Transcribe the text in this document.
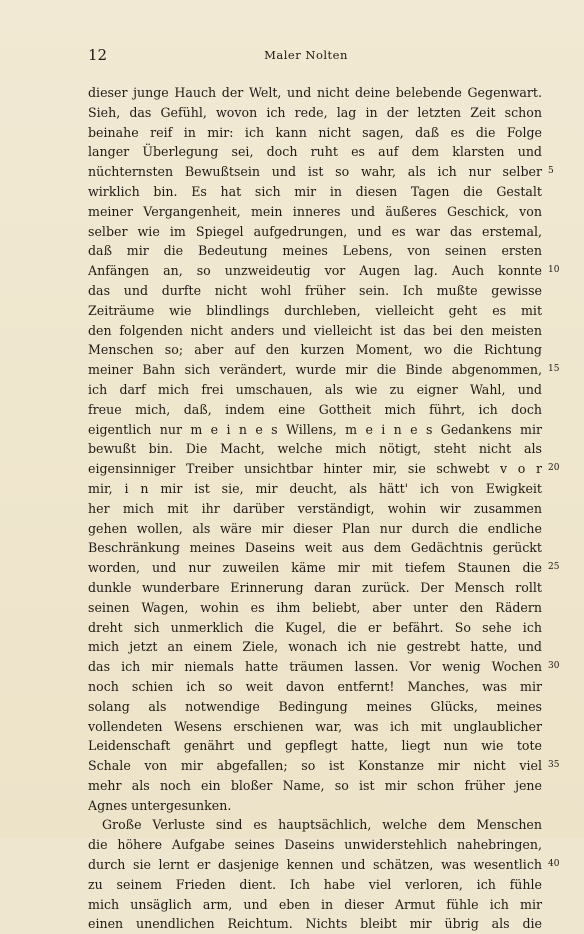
12	Maler Nolten
dieser junge Hauch der Welt, und nicht deine belebende Gegenwart.
Sieh, das Gefühl, wovon ich rede, lag in der letzten Zeit schon
beinahe reif in mir: ich kann nicht sagen, daß es die Folge
langer Überlegung sei, doch ruht es auf dem klarsten und
nüchternsten Bewußtsein und ist so wahr, als ich nur selber 5
wirklich bin. Es hat sich mir in diesen Tagen die Gestalt
meiner Vergangenheit, mein inneres und äußeres Geschick, von
selber wie im Spiegel aufgedrungen, und es war das erstemal,
daß mir die Bedeutung meines Lebens, von seinen ersten
Anfängen an, so unzweideutig vor Augen lag. Auch konnte 10
das und durfte nicht wohl früher sein. Ich mußte gewisse
Zeiträume wie blindlings durchleben, vielleicht geht es mit
den folgenden nicht anders und vielleicht ist das bei den meisten
Menschen so; aber auf den kurzen Moment, wo die Richtung
meiner Bahn sich verändert, wurde mir die Binde abgenommen, 15
ich darf mich frei umschauen, als wie zu eigner Wahl, und
freue mich, daß, indem eine Gottheit mich führt, ich doch
eigentlich nur m e i n e s Willens, m e i n e s Gedankens mir
bewußt bin. Die Macht, welche mich nötigt, steht nicht als
eigensinniger Treiber unsichtbar hinter mir, sie schwebt v o r 20
mir, i n mir ist sie, mir deucht, als hätt' ich von Ewigkeit
her mich mit ihr darüber verständigt, wohin wir zusammen
gehen wollen, als wäre mir dieser Plan nur durch die endliche
Beschränkung meines Daseins weit aus dem Gedächtnis gerückt
worden, und nur zuweilen käme mir mit tiefem Staunen die 25
dunkle wunderbare Erinnerung daran zurück. Der Mensch rollt
seinen Wagen, wohin es ihm beliebt, aber unter den Rädern
dreht sich unmerklich die Kugel, die er befährt. So sehe ich
mich jetzt an einem Ziele, wonach ich nie gestrebt hatte, und
das ich mir niemals hatte träumen lassen. Vor wenig Wochen 30
noch schien ich so weit davon entfernt! Manches, was mir
solang als notwendige Bedingung meines Glücks, meines
vollendeten Wesens erschienen war, was ich mit unglaublicher
Leidenschaft genährt und gepflegt hatte, liegt nun wie tote
Schale von mir abgefallen; so ist Konstanze mir nicht viel 35
mehr als noch ein bloßer Name, so ist mir schon früher jene
Agnes untergesunken.
Große Verluste sind es hauptsächlich, welche dem Menschen
die höhere Aufgabe seines Daseins unwiderstehlich nahebringen,
durch sie lernt er dasjenige kennen und schätzen, was wesentlich 40
zu seinem Frieden dient. Ich habe viel verloren, ich fühle
mich unsäglich arm, und eben in dieser Armut fühle ich mir
einen unendlichen Reichtum. Nichts bleibt mir übrig als die
